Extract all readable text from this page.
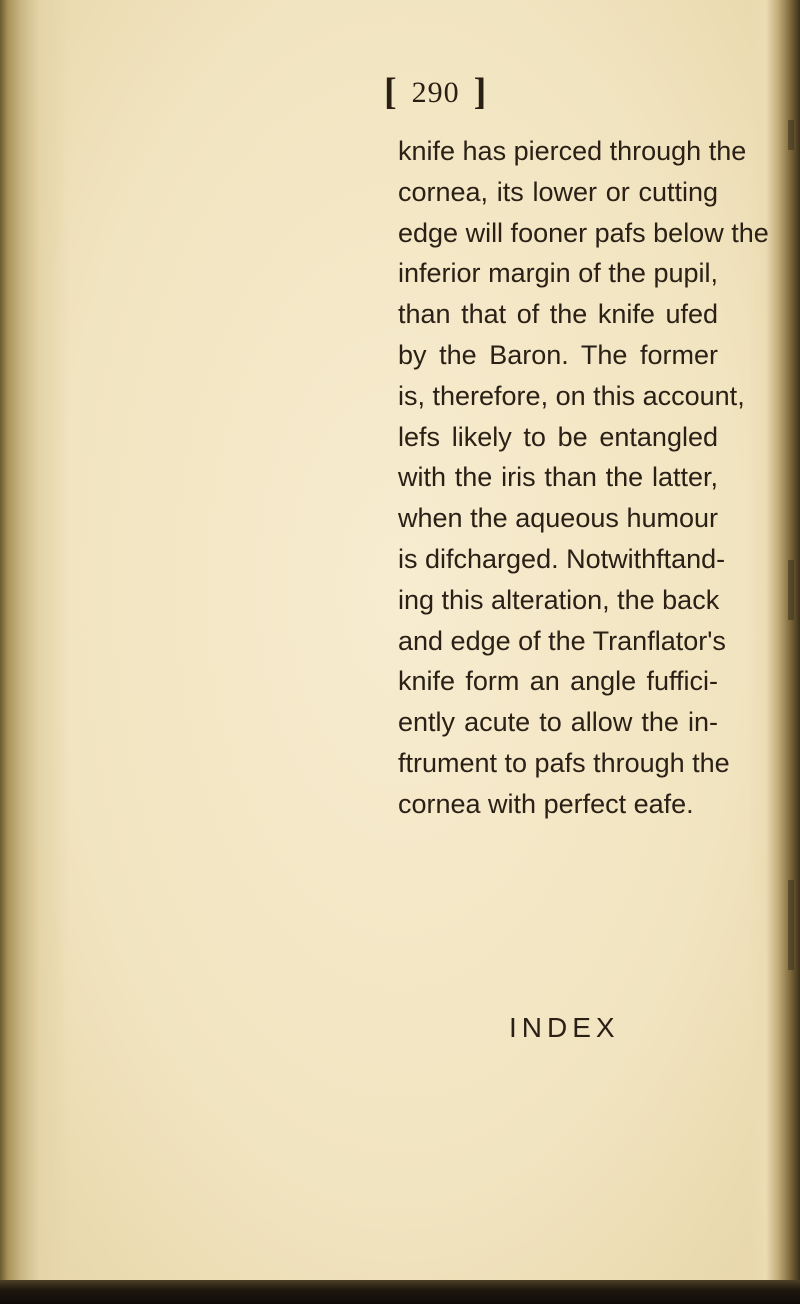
[ 290 ]
knife has pierced through the
cornea, its lower or cutting
edge will fooner pafs below the
inferior margin of the pupil,
than that of the knife ufed
by the Baron. The former
is, therefore, on this account,
lefs likely to be entangled
with the iris than the latter,
when the aqueous humour
is difcharged. Notwithftand-
ing this alteration, the back
and edge of the Tranflator's
knife form an angle fuffici-
ently acute to allow the in-
ftrument to pafs through the
cornea with perfect eafe.
INDEX
